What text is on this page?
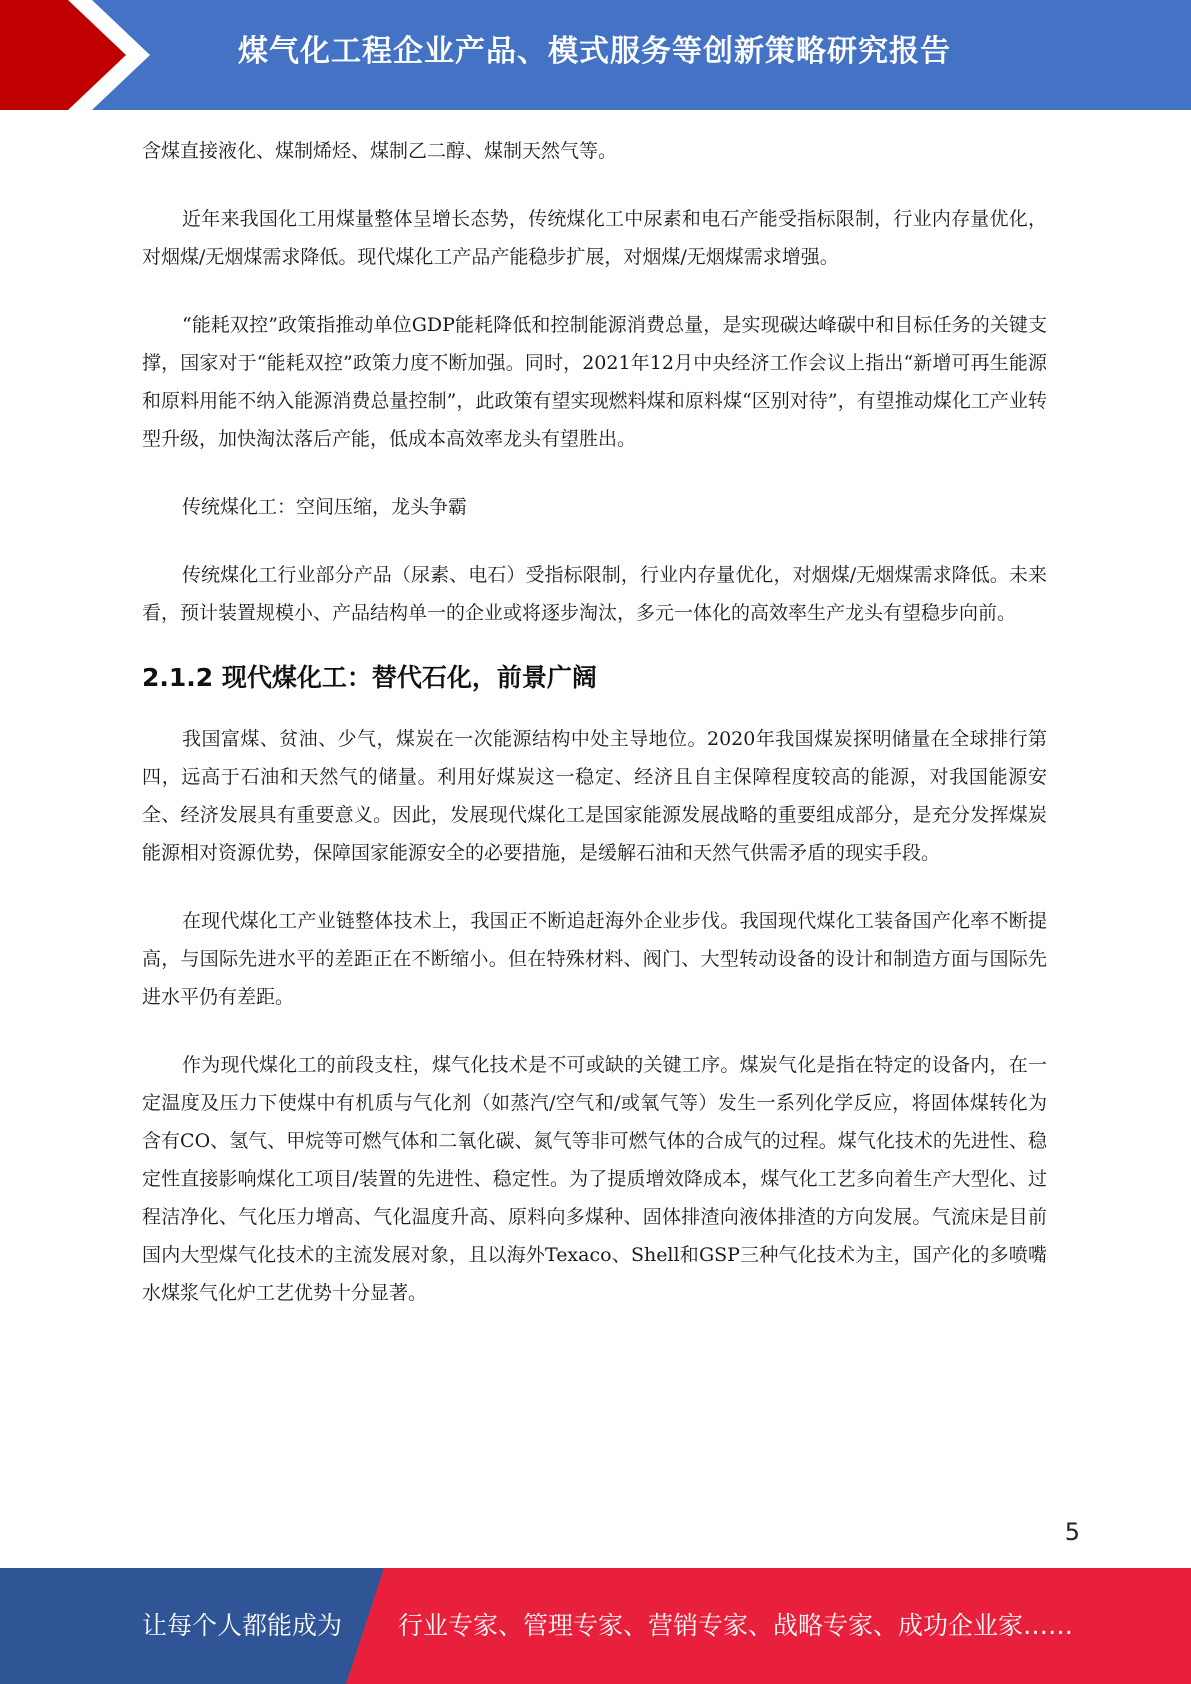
煤气化工程企业产品、模式服务等创新策略研究报告

含煤直接液化、煤制烯烃、煤制乙二醇、煤制天然气等。

近年来我国化工用煤量整体呈增长态势，传统煤化工中尿素和电石产能受指标限制，行业内存量优化，对烟煤/无烟煤需求降低。现代煤化工产品产能稳步扩展，对烟煤/无烟煤需求增强。

“能耗双控”政策指推动单位GDP能耗降低和控制能源消费总量，是实现碳达峰碳中和目标任务的关键支撑，国家对于“能耗双控”政策力度不断加强。同时，2021年12月中央经济工作会议上指出“新增可再生能源和原料用能不纳入能源消费总量控制”，此政策有望实现燃料煤和原料煤“区别对待”，有望推动煤化工产业转型升级，加快淘汰落后产能，低成本高效率龙头有望胜出。

传统煤化工：空间压缩，龙头争霸

传统煤化工行业部分产品（尿素、电石）受指标限制，行业内存量优化，对烟煤/无烟煤需求降低。未来看，预计装置规模小、产品结构单一的企业或将逐步淘汰，多元一体化的高效率生产龙头有望稳步向前。

2.1.2 现代煤化工：替代石化，前景广阔

我国富煤、贫油、少气，煤炭在一次能源结构中处主导地位。2020年我国煤炭探明储量在全球排行第四，远高于石油和天然气的储量。利用好煤炭这一稳定、经济且自主保障程度较高的能源，对我国能源安全、经济发展具有重要意义。因此，发展现代煤化工是国家能源发展战略的重要组成部分，是充分发挥煤炭能源相对资源优势，保障国家能源安全的必要措施，是缓解石油和天然气供需矛盾的现实手段。

在现代煤化工产业链整体技术上，我国正不断追赶海外企业步伐。我国现代煤化工装备国产化率不断提高，与国际先进水平的差距正在不断缩小。但在特殊材料、阀门、大型转动设备的设计和制造方面与国际先进水平仍有差距。

作为现代煤化工的前段支柱，煤气化技术是不可或缺的关键工序。煤炭气化是指在特定的设备内，在一定温度及压力下使煤中有机质与气化剂（如蒸汽/空气和/或氧气等）发生一系列化学反应，将固体煤转化为含有CO、氢气、甲烷等可燃气体和二氧化碳、氮气等非可燃气体的合成气的过程。煤气化技术的先进性、稳定性直接影响煤化工项目/装置的先进性、稳定性。为了提质增效降成本，煤气化工艺多向着生产大型化、过程洁净化、气化压力增高、气化温度升高、原料向多煤种、固体排渣向液体排渣的方向发展。气流床是目前国内大型煤气化技术的主流发展对象，且以海外Texaco、Shell和GSP三种气化技术为主，国产化的多喷嘴水煤浆气化炉工艺优势十分显著。

5
让每个人都能成为 行业专家、管理专家、营销专家、战略专家、成功企业家……
